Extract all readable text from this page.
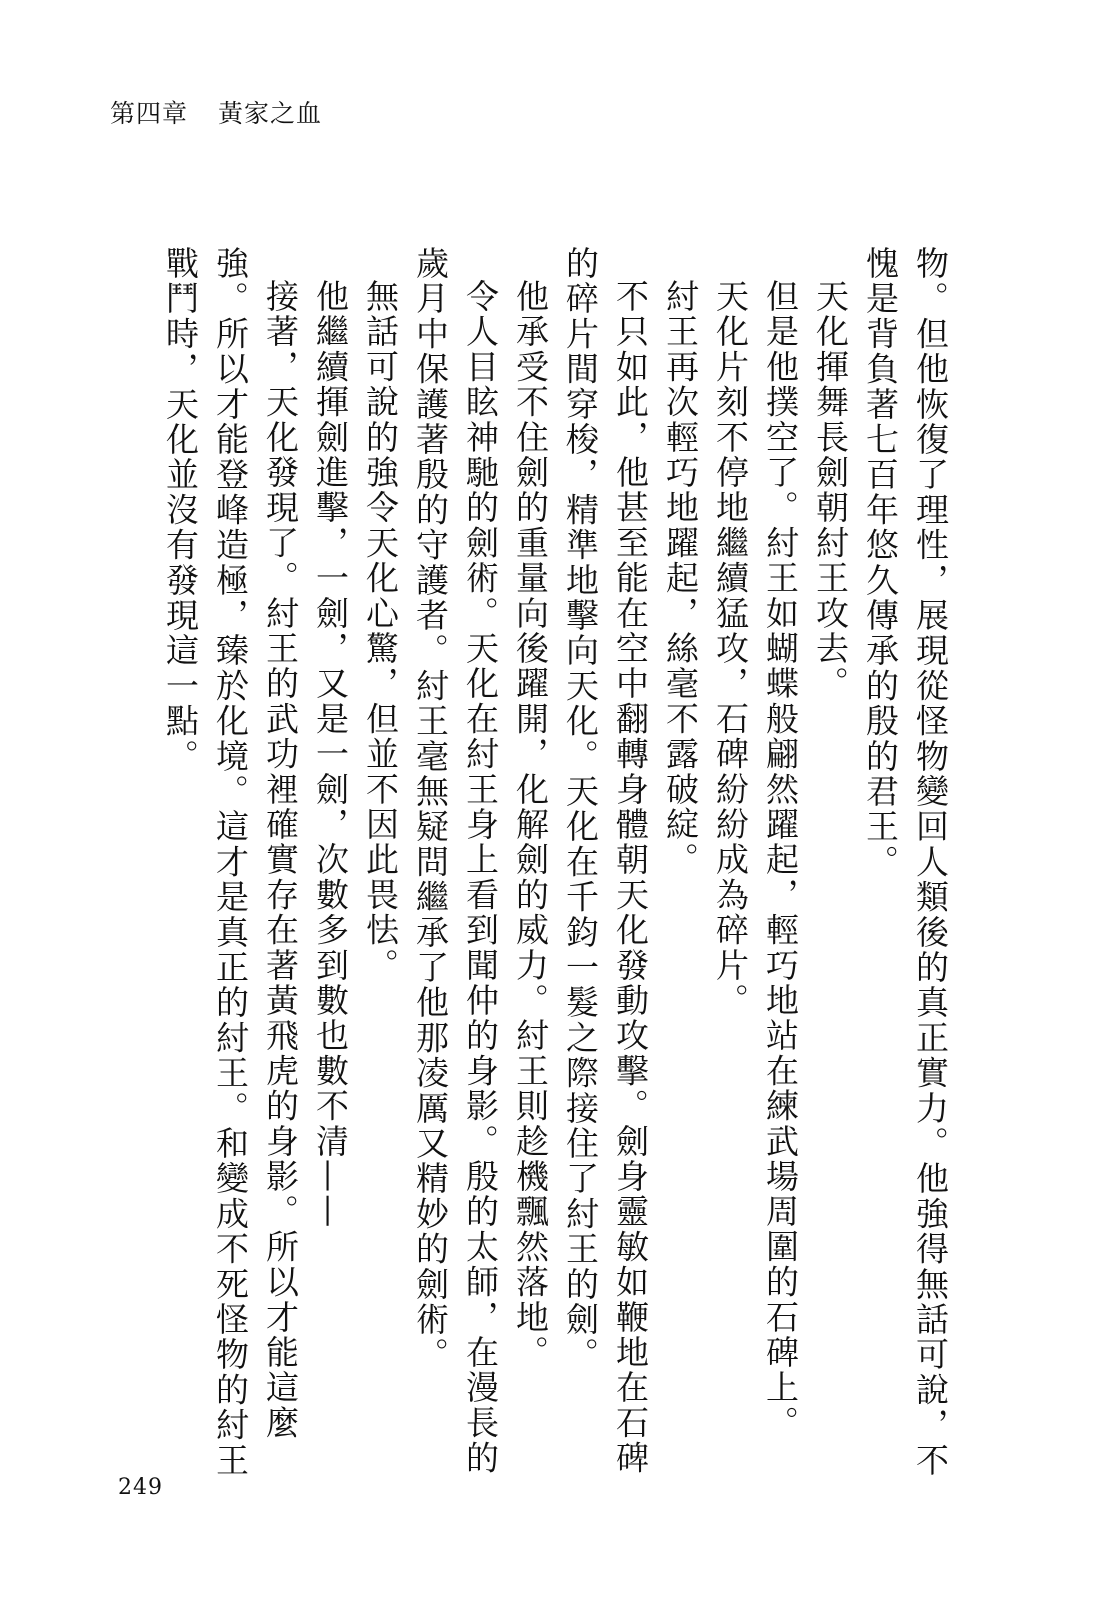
第四章 黃家之血

物。但他恢復了理性，展現從怪物變回人類後的真正實力。他強得無話可說，不愧是背負著七百年悠久傳承的殷的君王。

天化揮舞長劍朝紂王攻去。

但是他撲空了。紂王如蝴蝶般翩然躍起，輕巧地站在練武場周圍的石碑上。

天化片刻不停地繼續猛攻，石碑紛紛成為碎片。

紂王再次輕巧地躍起，絲毫不露破綻。

不只如此，他甚至能在空中翻轉身體朝天化發動攻擊。劍身靈敏如鞭地在石碑的碎片間穿梭，精準地擊向天化。天化在千鈞一髮之際接住了紂王的劍。

他承受不住劍的重量向後躍開，化解劍的威力。紂王則趁機飄然落地。

令人目眩神馳的劍術。天化在紂王身上看到聞仲的身影。殷的太師，在漫長的歲月中保護著殷的守護者。紂王毫無疑問繼承了他那凌厲又精妙的劍術。

無話可說的強令天化心驚，但並不因此畏怯。

他繼續揮劍進擊，一劍，又是一劍，次數多到數也數不清——

接著，天化發現了。紂王的武功裡確實存在著黃飛虎的身影。所以才能這麼強。所以才能登峰造極，臻於化境。這才是真正的紂王。和變成不死怪物的紂王戰鬥時，天化並沒有發現這一點。

249
